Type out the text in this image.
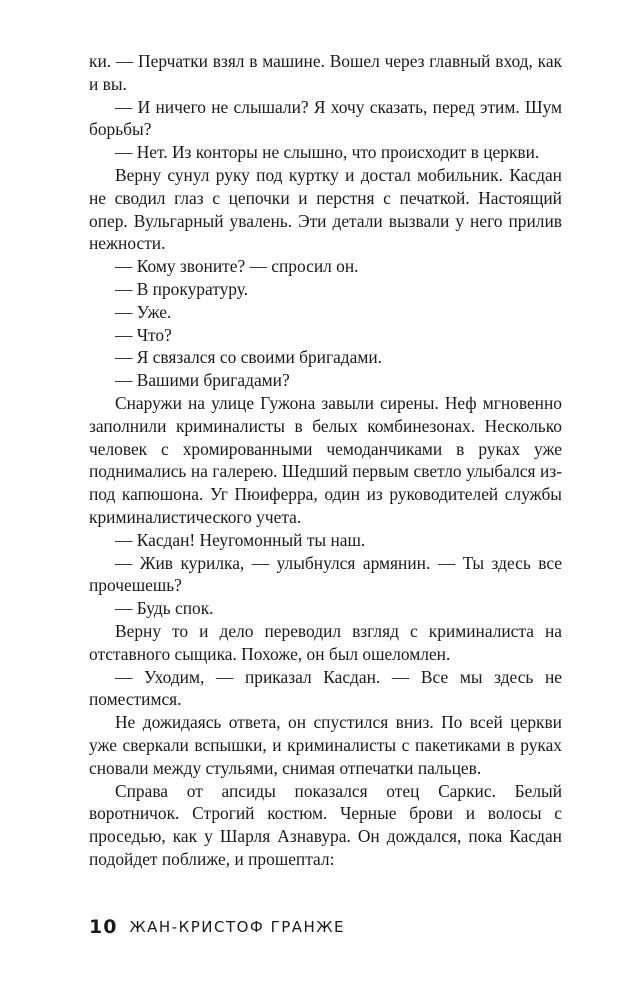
ки. — Перчатки взял в машине. Вошел через главный вход, как и вы.

— И ничего не слышали? Я хочу сказать, перед этим. Шум борьбы?

— Нет. Из конторы не слышно, что происходит в церкви.

Верну сунул руку под куртку и достал мобильник. Касдан не сводил глаз с цепочки и перстня с печаткой. Настоящий опер. Вульгарный увалень. Эти детали вызвали у него прилив нежности.

— Кому звоните? — спросил он.

— В прокуратуру.

— Уже.

— Что?

— Я связался со своими бригадами.

— Вашими бригадами?

Снаружи на улице Гужона завыли сирены. Неф мгновенно заполнили криминалисты в белых комбинезонах. Несколько человек с хромированными чемоданчиками в руках уже поднимались на галерею. Шедший первым светло улыбался из-под капюшона. Уг Пюиферра, один из руководителей службы криминалистического учета.

— Касдан! Неугомонный ты наш.

— Жив курилка, — улыбнулся армянин. — Ты здесь все прочешешь?

— Будь спок.

Верну то и дело переводил взгляд с криминалиста на отставного сыщика. Похоже, он был ошеломлен.

— Уходим, — приказал Касдан. — Все мы здесь не поместимся.

Не дожидаясь ответа, он спустился вниз. По всей церкви уже сверкали вспышки, и криминалисты с пакетиками в руках сновали между стульями, снимая отпечатки пальцев.

Справа от апсиды показался отец Саркис. Белый воротничок. Строгий костюм. Черные брови и волосы с проседью, как у Шарля Азнавура. Он дождался, пока Касдан подойдет поближе, и прошептал:

10 ЖАН-КРИСТОФ ГРАНЖЕ
